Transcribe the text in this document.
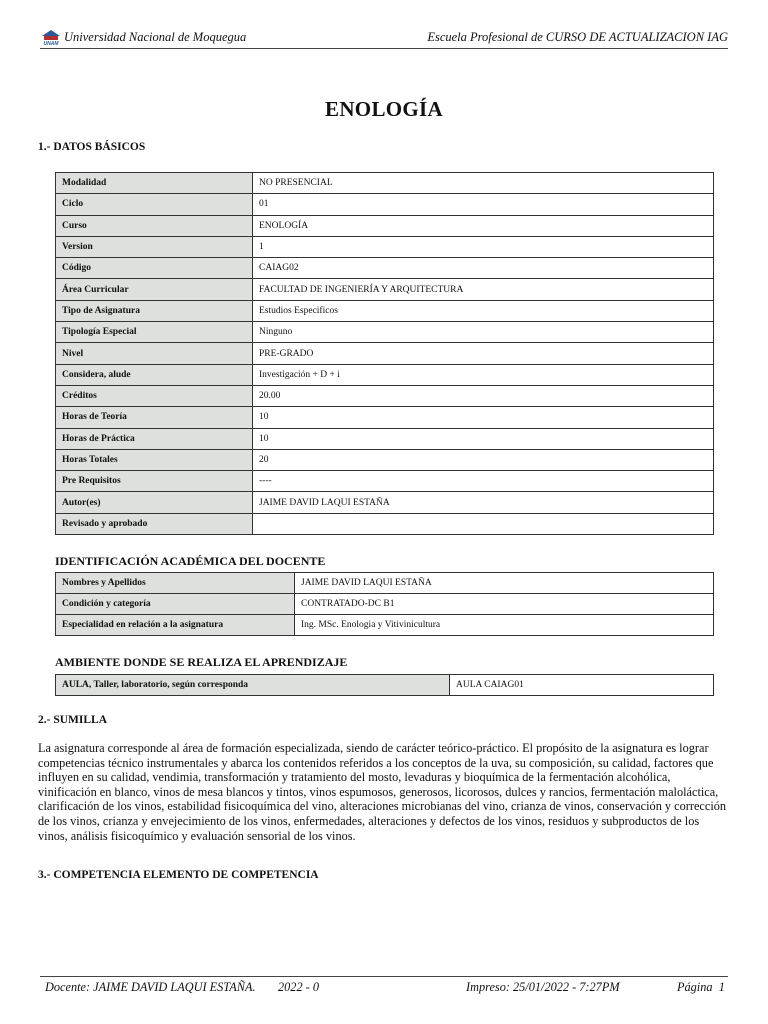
UNAM Universidad Nacional de Moquegua	Escuela Profesional de CURSO DE ACTUALIZACION IAG
ENOLOGÍA
1.- DATOS BÁSICOS
Modalidad	NO PRESENCIAL
Ciclo	01
Curso	ENOLOGÍA
Version	1
Código	CAIAG02
Área Curricular	FACULTAD DE INGENIERÍA Y ARQUITECTURA
Tipo de Asignatura	Estudios Especificos
Tipología Especial	Ninguno
Nivel	PRE-GRADO
Considera, alude	Investigación + D + i
Créditos	20.00
Horas de Teoría	10
Horas de Práctica	10
Horas Totales	20
Pre Requisitos	----
Autor(es)	JAIME DAVID LAQUI ESTAÑA
Revisado y aprobado	
IDENTIFICACIÓN ACADÉMICA DEL DOCENTE
Nombres y Apellidos	JAIME DAVID LAQUI ESTAÑA
Condición y categoría	CONTRATADO-DC B1
Especialidad en relación a la asignatura	Ing. MSc. Enologia y Vitivinicultura
AMBIENTE DONDE SE REALIZA EL APRENDIZAJE
AULA, Taller, laboratorio, según corresponda	AULA CAIAG01
2.- SUMILLA
La asignatura corresponde al área de formación especializada, siendo de carácter teórico-práctico. El propósito de la asignatura es lograr competencias técnico instrumentales y abarca los contenidos referidos a los conceptos de la uva, su composición, su calidad, factores que influyen en su calidad, vendimia, transformación y tratamiento del mosto, levaduras y bioquímica de la fermentación alcohólica, vinificación en blanco, vinos de mesa blancos y tintos, vinos espumosos, generosos, licorosos, dulces y rancios, fermentación maloláctica, clarificación de los vinos, estabilidad fisicoquímica del vino, alteraciones microbianas del vino, crianza de vinos, conservación y corrección de los vinos, crianza y envejecimiento de los vinos, enfermedades, alteraciones y defectos de los vinos, residuos y subproductos de los vinos, análisis fisicoquímico y evaluación sensorial de los vinos.
3.- COMPETENCIA ELEMENTO DE COMPETENCIA
Docente: JAIME DAVID LAQUI ESTAÑA. 2022 - 0	Impreso: 25/01/2022 - 7:27PM	Página 1
